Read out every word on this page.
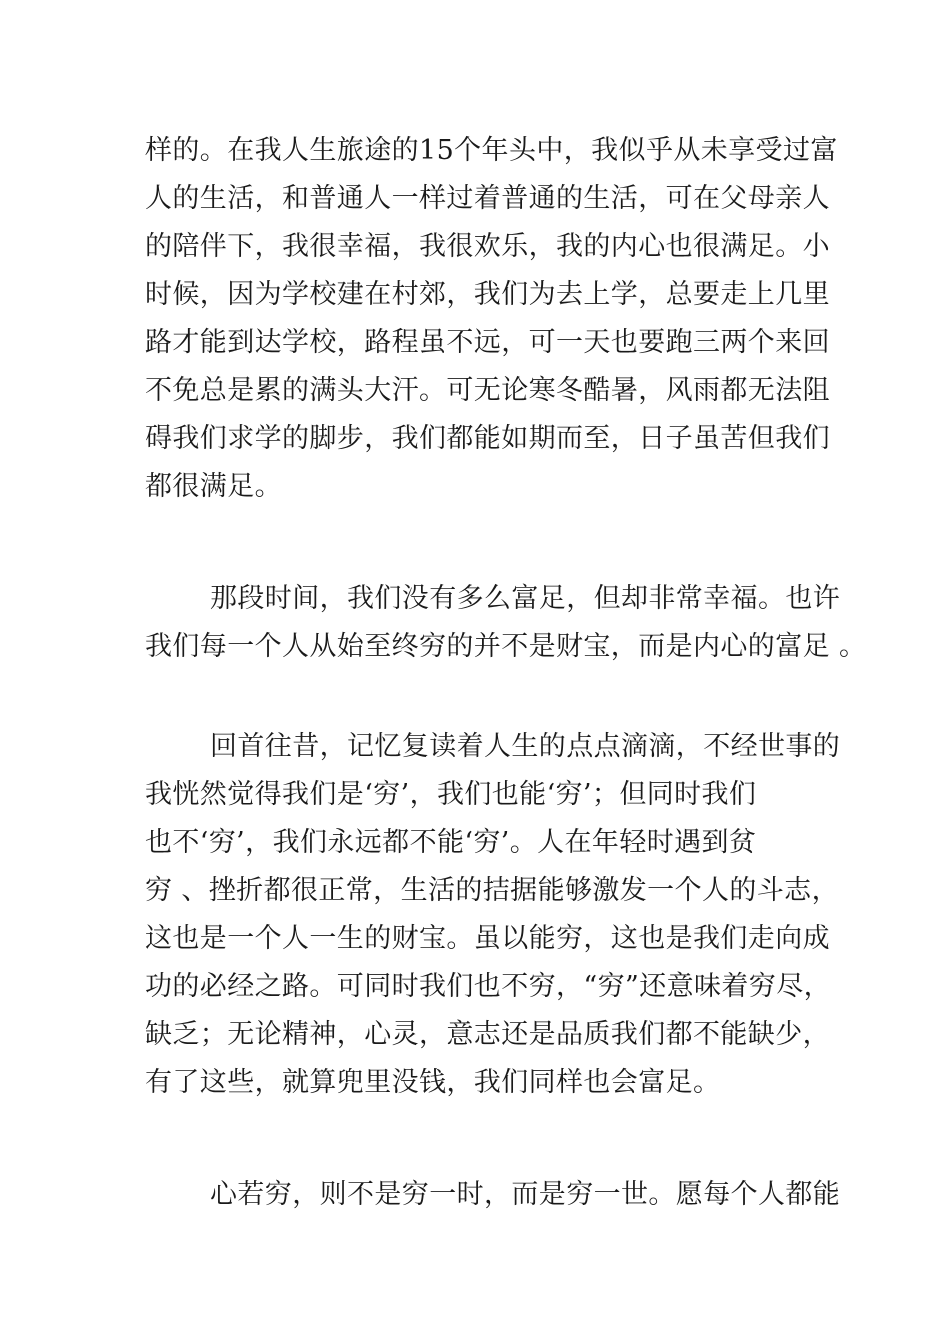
样的。在我人生旅途的15个年头中，我似乎从未享受过富
人的生活，和普通人一样过着普通的生活，可在父母亲人
的陪伴下，我很幸福，我很欢乐，我的内心也很满足。小
时候，因为学校建在村郊，我们为去上学，总要走上几里
路才能到达学校，路程虽不远，可一天也要跑三两个来回
不免总是累的满头大汗。可无论寒冬酷暑，风雨都无法阻
碍我们求学的脚步，我们都能如期而至，日子虽苦但我们
都很满足。
那段时间，我们没有多么富足，但却非常幸福。也许
我们每一个人从始至终穷的并不是财宝，而是内心的富足 。
回首往昔，记忆复读着人生的点点滴滴，不经世事的
我恍然觉得我们是‘穷’，我们也能‘穷’；但同时我们
也不‘穷’，我们永远都不能‘穷’。人在年轻时遇到贫
穷 、挫折都很正常，生活的拮据能够激发一个人的斗志，
这也是一个人一生的财宝。虽以能穷，这也是我们走向成
功的必经之路。可同时我们也不穷，“穷”还意味着穷尽，
缺乏；无论精神，心灵，意志还是品质我们都不能缺少，
有了这些，就算兜里没钱，我们同样也会富足。
心若穷，则不是穷一时，而是穷一世。愿每个人都能
